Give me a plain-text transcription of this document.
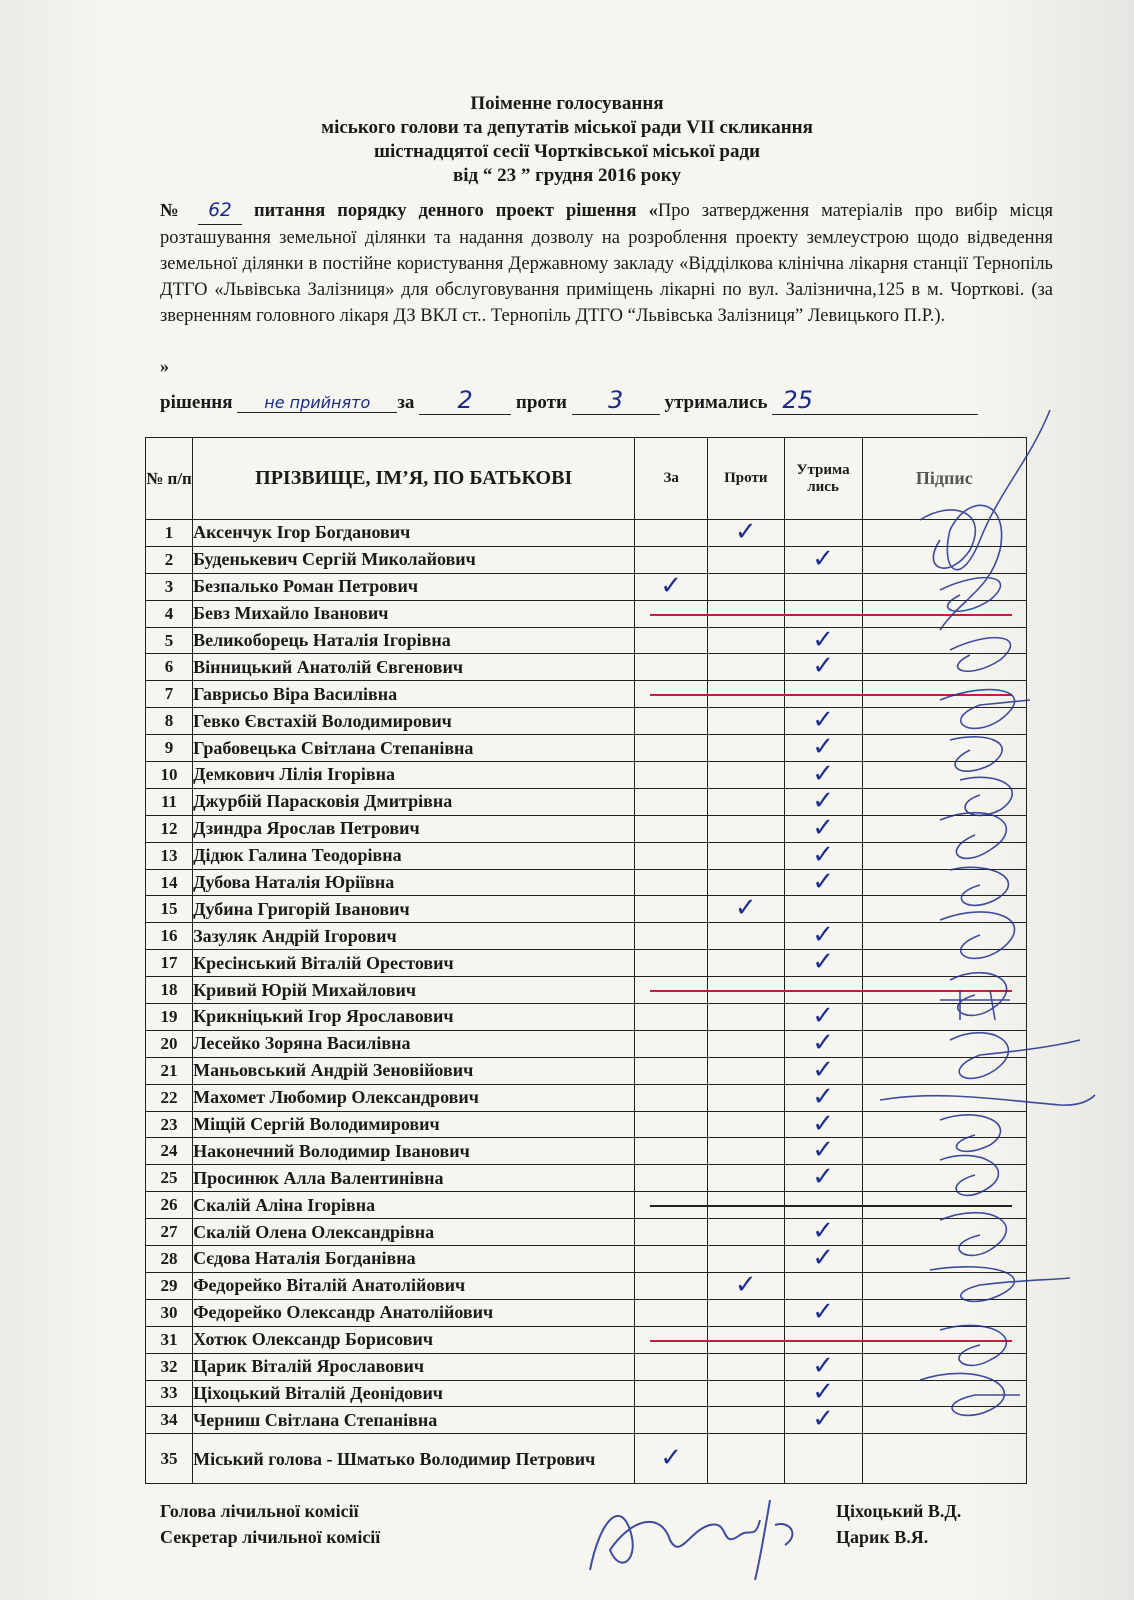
Поіменне голосування
міського голови та депутатів міської ради VII скликання
шістнадцятої сесії Чортківської міської ради
від “ 23 ” грудня 2016 року
№ 62 питання порядку денного проект рішення «Про затвердження матеріалів про вибір місця розташування земельної ділянки та надання дозволу на розроблення проекту землеустрою щодо відведення земельної ділянки в постійне користування Державному закладу «Відділкова клінічна лікарня станції Тернопіль ДТГО «Львівська Залізниця» для обслуговування приміщень лікарні по вул. Залізнична,125 в м. Чорткові. (за зверненням головного лікаря ДЗ ВКЛ ст.. Тернопіль ДТГО “Львівська Залізниця” Левицького П.Р.).
»
рішення не прийнято за 2 проти 3 утримались 25
№ п/п	ПРІЗВИЩЕ, ІМ’Я, ПО БАТЬКОВІ	За	Проти	Утрима лись	Підпис
1	Аксенчук Ігор Богданович		✓		
2	Буденькевич Сергій Миколайович			✓	
3	Безпалько Роман Петрович	✓			
4	Бевз Михайло Іванович				
5	Великоборець Наталія Ігорівна			✓	
6	Вінницький Анатолій Євгенович			✓	
7	Гаврисьо Віра Василівна				
8	Гевко Євстахій Володимирович			✓	
9	Грабовецька Світлана Степанівна			✓	
10	Демкович Лілія Ігорівна			✓	
11	Джурбій Парасковія Дмитрівна			✓	
12	Дзиндра Ярослав Петрович			✓	
13	Дідюк Галина Теодорівна			✓	
14	Дубова Наталія Юріївна			✓	
15	Дубина Григорій Іванович		✓		
16	Зазуляк Андрій Ігорович			✓	
17	Кресінський Віталій Орестович			✓	
18	Кривий Юрій Михайлович				
19	Крикніцький Ігор Ярославович			✓	
20	Лесейко Зоряна Василівна			✓	
21	Маньовський Андрій Зеновійович			✓	
22	Махомет Любомир Олександрович			✓	
23	Міщій Сергій Володимирович			✓	
24	Наконечний Володимир Іванович			✓	
25	Просинюк Алла Валентинівна			✓	
26	Скалій Аліна Ігорівна				
27	Скалій Олена Олександрівна			✓	
28	Сєдова Наталія Богданівна			✓	
29	Федорейко Віталій Анатолійович		✓		
30	Федорейко Олександр Анатолійович			✓	
31	Хотюк Олександр Борисович				
32	Царик Віталій Ярославович			✓	
33	Ціхоцький Віталій Деонідович			✓	
34	Черниш Світлана Степанівна			✓	
35	Міський голова - Шматько Володимир Петрович	✓			
Голова лічильної комісії	Ціхоцький В.Д.
Секретар лічильної комісії	Царик В.Я.
